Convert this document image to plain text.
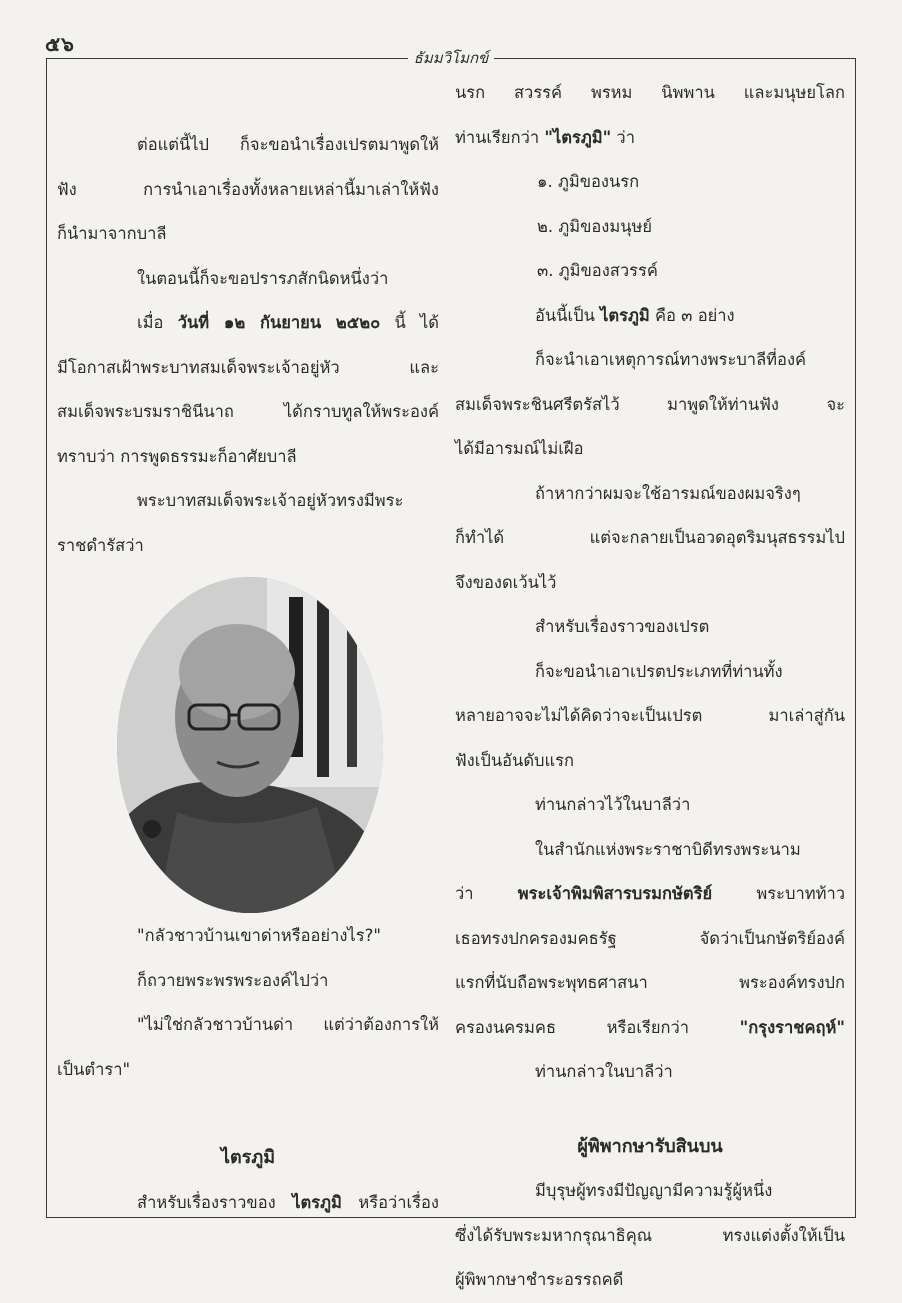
๕๖
ธัมมวิโมกข์

ต่อแต่นี้ไป ก็จะขอนำเรื่องเปรตมาพูดให้

ฟัง การนำเอาเรื่องทั้งหลายเหล่านี้มาเล่าให้ฟัง

ก็นำมาจากบาลี

ในตอนนี้ก็จะขอปรารภสักนิดหนึ่งว่า

เมื่อ วันที่ ๑๒ กันยายน ๒๕๒๐ นี้ ได้

มีโอกาสเฝ้าพระบาทสมเด็จพระเจ้าอยู่หัว และ

สมเด็จพระบรมราชินีนาถ ได้กราบทูลให้พระองค์

ทราบว่า การพูดธรรมะก็อาศัยบาลี

พระบาทสมเด็จพระเจ้าอยู่หัวทรงมีพระ

ราชดำรัสว่า

"กลัวชาวบ้านเขาด่าหรืออย่างไร?"

ก็ถวายพระพรพระองค์ไปว่า

"ไม่ใช่กลัวชาวบ้านด่า แต่ว่าต้องการให้

เป็นตำรา"

ไตรภูมิ

สำหรับเรื่องราวของ ไตรภูมิ หรือว่าเรื่อง

นรก สวรรค์ พรหม นิพพาน และมนุษยโลก

ท่านเรียกว่า "ไตรภูมิ" ว่า

๑. ภูมิของนรก

๒. ภูมิของมนุษย์

๓. ภูมิของสวรรค์

อันนี้เป็น ไตรภูมิ คือ ๓ อย่าง

ก็จะนำเอาเหตุการณ์ทางพระบาลีที่องค์

สมเด็จพระชินศรีตรัสไว้ มาพูดให้ท่านฟัง จะ

ได้มีอารมณ์ไม่เฝือ

ถ้าหากว่าผมจะใช้อารมณ์ของผมจริงๆ

ก็ทำได้ แต่จะกลายเป็นอวดอุตริมนุสธรรมไป

จึงของดเว้นไว้

สำหรับเรื่องราวของเปรต

ก็จะขอนำเอาเปรตประเภทที่ท่านทั้ง

หลายอาจจะไม่ได้คิดว่าจะเป็นเปรต มาเล่าสู่กัน

ฟังเป็นอันดับแรก

ท่านกล่าวไว้ในบาลีว่า

ในสำนักแห่งพระราชาบิดีทรงพระนาม

ว่า พระเจ้าพิมพิสารบรมกษัตริย์ พระบาทท้าว

เธอทรงปกครองมคธรัฐ จัดว่าเป็นกษัตริย์องค์

แรกที่นับถือพระพุทธศาสนา พระองค์ทรงปก

ครองนครมคธ หรือเรียกว่า "กรุงราชคฤห์"

ท่านกล่าวในบาลีว่า

ผู้พิพากษารับสินบน

มีบุรุษผู้ทรงมีปัญญามีความรู้ผู้หนึ่ง

ซึ่งได้รับพระมหากรุณาธิคุณ ทรงแต่งตั้งให้เป็น

ผู้พิพากษาชำระอรรถคดี
